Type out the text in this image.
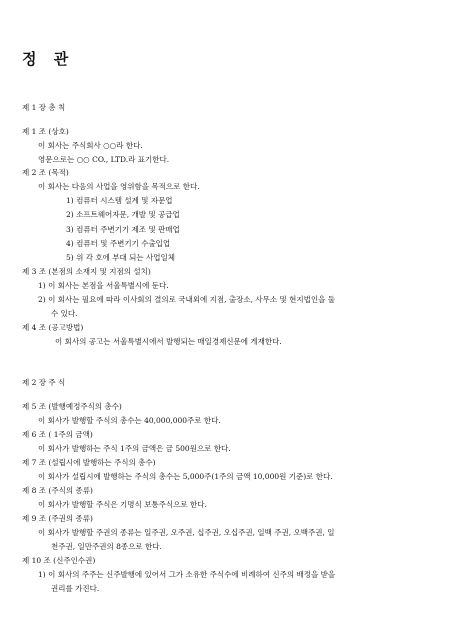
정 관
제 1 장 총 칙
제 1 조 (상호)
이 회사는 주식회사 ○○라 한다.
영문으로는 ○○ CO., LTD.라 표기한다.
제 2 조 (목적)
이 회사는 다음의 사업을 영위함을 목적으로 한다.
1) 컴퓨터 시스템 설계 및 자문업
2) 소프트웨어자문, 개발 및 공급업
3) 컴퓨터 주변기기 제조 및 판매업
4) 컴퓨터 및 주변기기 수출입업
5) 위 각 호에 부대 되는 사업일체
제 3 조 (본점의 소재지 및 지점의 설치)
1) 이 회사는 본점을 서울특별시에 둔다.
2) 이 회사는 필요에 따라 이사회의 결의로 국내외에 지점, 출장소, 사무소 및 현지법인을 둘
수 있다.
제 4 조 (공고방법)
이 회사의 공고는 서울특별시에서 발행되는 매일경제신문에 게재한다.
제 2 장 주 식
제 5 조 (발행예정주식의 총수)
이 회사가 발행할 주식의 총수는 40,000,000주로 한다.
제 6 조 ( 1주의 금액)
이 회사가 발행하는 주식 1주의 금액은 금 500원으로 한다.
제 7 조 (설립시에 발행하는 주식의 총수)
이 회사가 설립시에 발행하는 주식의 총수는 5,000주(1주의 금액 10,000원 기준)로 한다.
제 8 조 (주식의 종류)
이 회사가 발행할 주식은 기명식 보통주식으로 한다.
제 9 조 (주권의 종류)
이 회사가 발행할 주권의 종류는 일주권, 오주권, 십주권, 오십주권, 일백 주권, 오백주권, 일
천주권, 일만주권의 8종으로 한다.
제 10 조 (신주인수권)
1) 이 회사의 주주는 신주발행에 있어서 그가 소유한 주식수에 비례하여 신주의 배정을 받을
권리를 가진다.
